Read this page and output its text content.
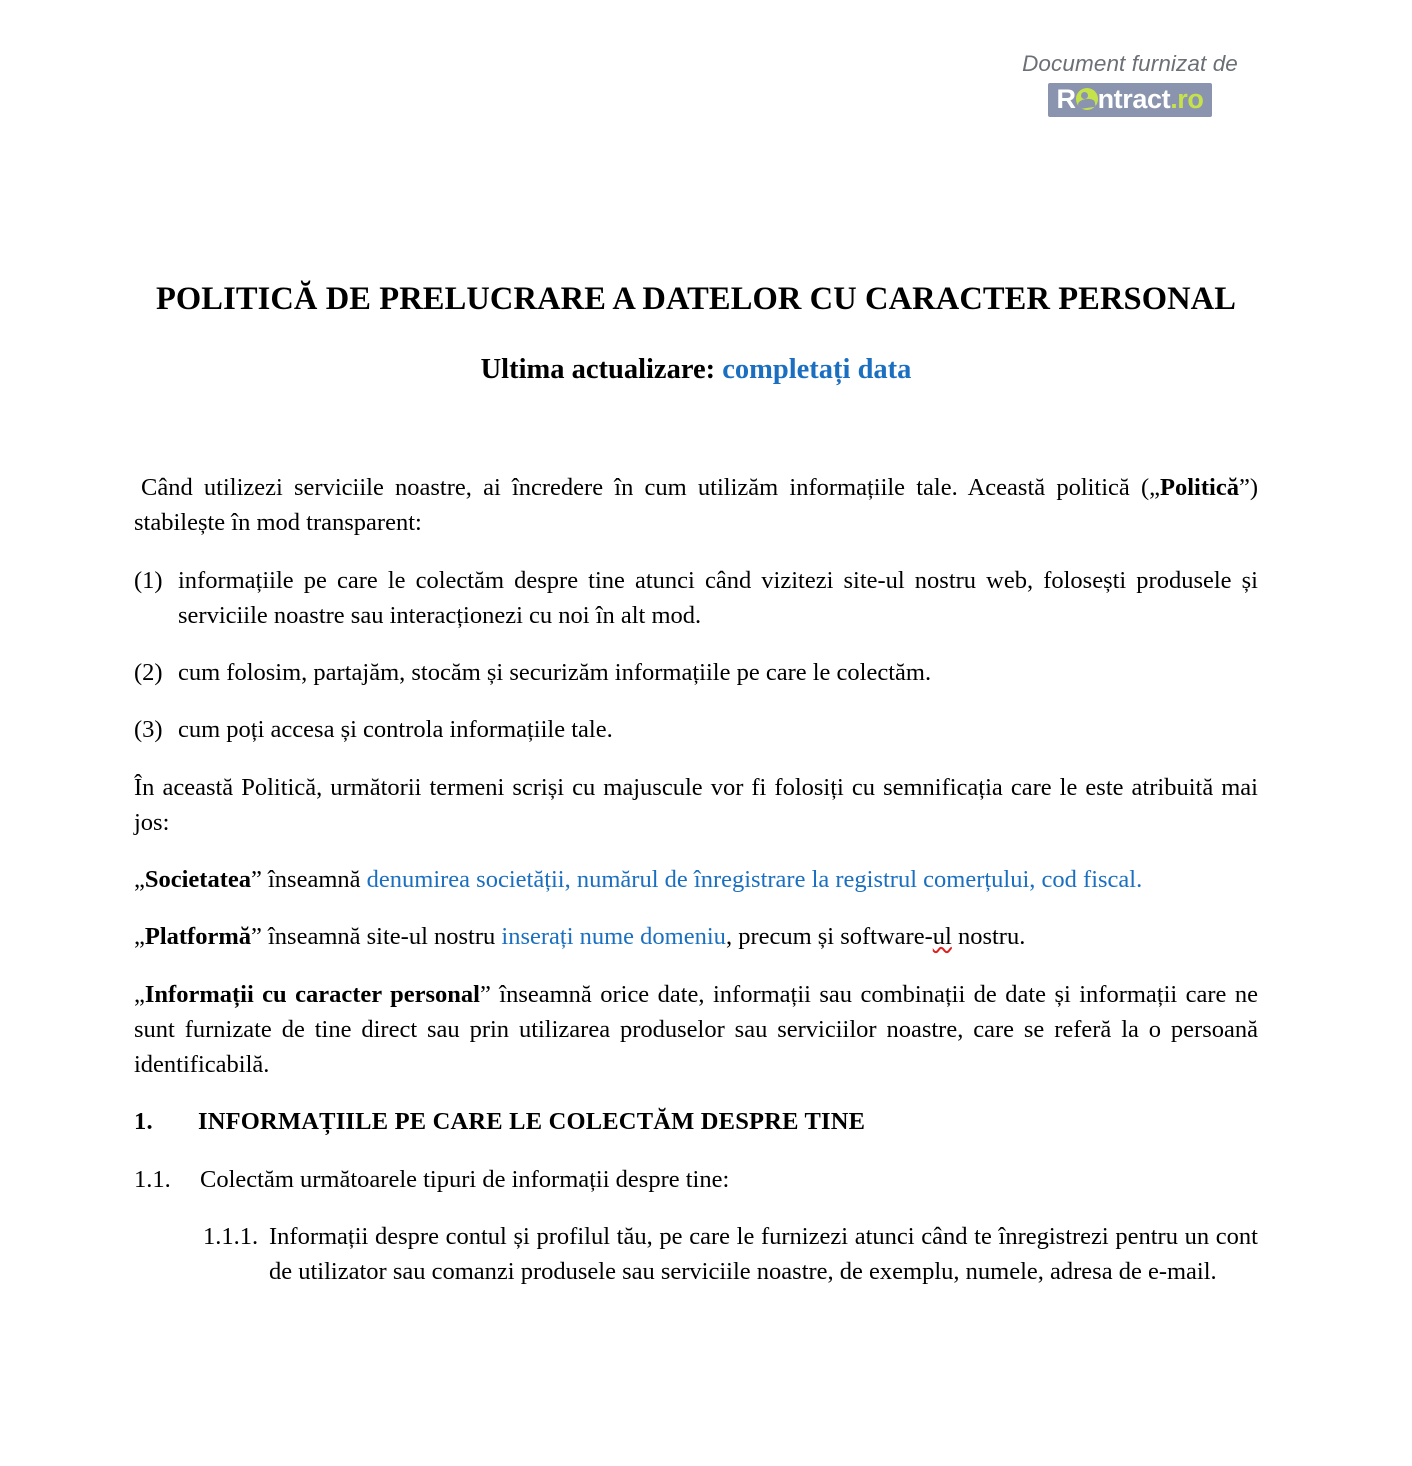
Document furnizat de
R ntract .ro
POLITICĂ DE PRELUCRARE A DATELOR CU CARACTER PERSONAL
Ultima actualizare: completați data

Când utilizezi serviciile noastre, ai încredere în cum utilizăm informațiile tale. Această politică („Politică”) stabilește în mod transparent:

(1) informațiile pe care le colectăm despre tine atunci când vizitezi site-ul nostru web, folosești produsele și serviciile noastre sau interacționezi cu noi în alt mod.
(2) cum folosim, partajăm, stocăm și securizăm informațiile pe care le colectăm.
(3) cum poți accesa și controla informațiile tale.

În această Politică, următorii termeni scriși cu majuscule vor fi folosiți cu semnificația care le este atribuită mai jos:

„Societatea” înseamnă denumirea societății, numărul de înregistrare la registrul comerțului, cod fiscal.

„Platformă” înseamnă site-ul nostru inserați nume domeniu, precum și software-ul nostru.

„Informații cu caracter personal” înseamnă orice date, informații sau combinații de date și informații care ne sunt furnizate de tine direct sau prin utilizarea produselor sau serviciilor noastre, care se referă la o persoană identificabilă.

1. INFORMAȚIILE PE CARE LE COLECTĂM DESPRE TINE
1.1. Colectăm următoarele tipuri de informații despre tine:
1.1.1. Informații despre contul și profilul tău, pe care le furnizezi atunci când te înregistrezi pentru un cont de utilizator sau comanzi produsele sau serviciile noastre, de exemplu, numele, adresa de e-mail.
